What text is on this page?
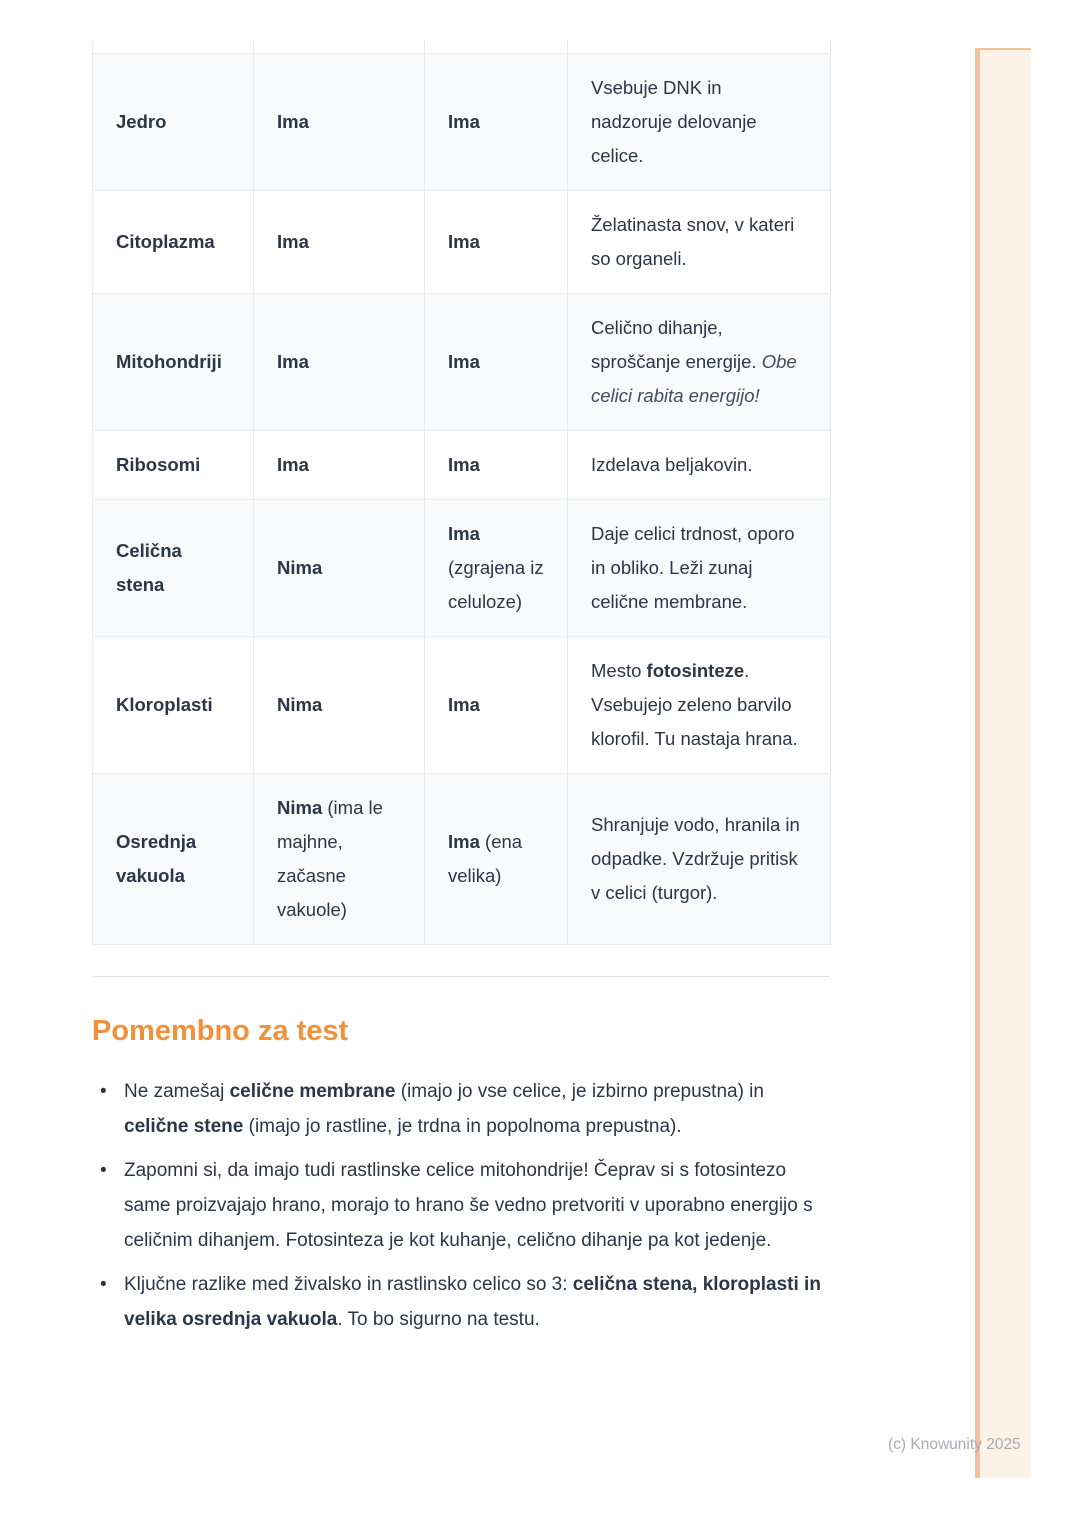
Jedro	Ima	Ima	Vsebuje DNK in nadzoruje delovanje celice.
Citoplazma	Ima	Ima	Želatinasta snov, v kateri so organeli.
Mitohondriji	Ima	Ima	Celično dihanje, sproščanje energije. Obe celici rabita energijo!
Ribosomi	Ima	Ima	Izdelava beljakovin.
Celična stena	Nima	Ima (zgrajena iz celuloze)	Daje celici trdnost, oporo in obliko. Leži zunaj celične membrane.
Kloroplasti	Nima	Ima	Mesto fotosinteze. Vsebujejo zeleno barvilo klorofil. Tu nastaja hrana.
Osrednja vakuola	Nima (ima le majhne, začasne vakuole)	Ima (ena velika)	Shranjuje vodo, hranila in odpadke. Vzdržuje pritisk v celici (turgor).
Pomembno za test
• Ne zamešaj celične membrane (imajo jo vse celice, je izbirno prepustna) in celične stene (imajo jo rastline, je trdna in popolnoma prepustna).
• Zapomni si, da imajo tudi rastlinske celice mitohondrije! Čeprav si s fotosintezo same proizvajajo hrano, morajo to hrano še vedno pretvoriti v uporabno energijo s celičnim dihanjem. Fotosinteza je kot kuhanje, celično dihanje pa kot jedenje.
• Ključne razlike med živalsko in rastlinsko celico so 3: celična stena, kloroplasti in velika osrednja vakuola. To bo sigurno na testu.
(c) Knowunity 2025
